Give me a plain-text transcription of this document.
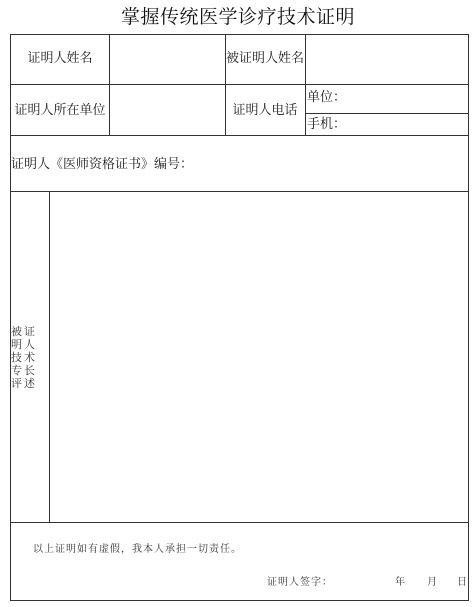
掌握传统医学诊疗技术证明
证明人姓名	被证明人姓名
证明人所在单位	证明人电话
单位：
手机：
证明人《医师资格证书》编号：
被证明人技术专长评述
以上证明如有虚假，我本人承担一切责任。
证明人签字：	年 月 日
